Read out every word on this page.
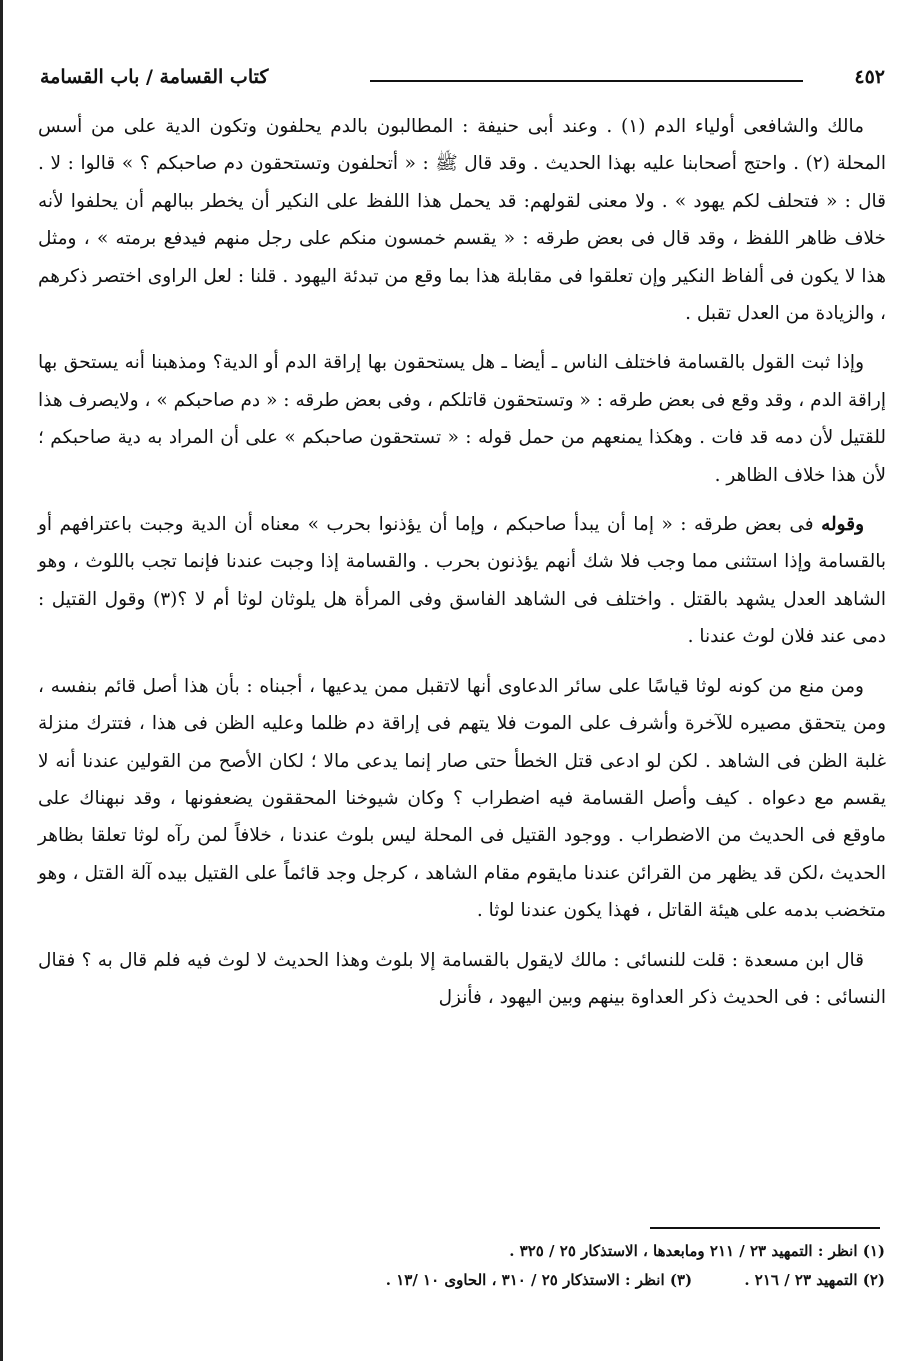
٤٥٢
كتاب القسامة / باب القسامة

مالك والشافعى أولياء الدم (١) . وعند أبى حنيفة : المطالبون بالدم يحلفون وتكون الدية على من أسس المحلة (٢) . واحتج أصحابنا عليه بهذا الحديث . وقد قال ﷺ : « أتحلفون وتستحقون دم صاحبكم ؟ » قالوا : لا . قال : « فتحلف لكم يهود » . ولا معنى لقولهم: قد يحمل هذا اللفظ على النكير أن يخطر ببالهم أن يحلفوا لأنه خلاف ظاهر اللفظ ، وقد قال فى بعض طرقه : « يقسم خمسون منكم على رجل منهم فيدفع برمته » ، ومثل هذا لا يكون فى ألفاظ النكير وإن تعلقوا فى مقابلة هذا بما وقع من تبدئة اليهود . قلنا : لعل الراوى اختصر ذكرهم ، والزيادة من العدل تقبل .

وإذا ثبت القول بالقسامة فاختلف الناس ـ أيضا ـ هل يستحقون بها إراقة الدم أو الدية؟ ومذهبنا أنه يستحق بها إراقة الدم ، وقد وقع فى بعض طرقه : « وتستحقون قاتلكم ، وفى بعض طرقه : « دم صاحبكم » ، ولايصرف هذا للقتيل لأن دمه قد فات . وهكذا يمنعهم من حمل قوله : « تستحقون صاحبكم » على أن المراد به دية صاحبكم ؛ لأن هذا خلاف الظاهر .

وقوله فى بعض طرقه : « إما أن يبدأ صاحبكم ، وإما أن يؤذنوا بحرب » معناه أن الدية وجبت باعترافهم أو بالقسامة وإذا استثنى مما وجب فلا شك أنهم يؤذنون بحرب . والقسامة إذا وجبت عندنا فإنما تجب باللوث ، وهو الشاهد العدل يشهد بالقتل . واختلف فى الشاهد الفاسق وفى المرأة هل يلوثان لوثا أم لا ؟(٣) وقول القتيل : دمى عند فلان لوث عندنا .

ومن منع من كونه لوثا قياسًا على سائر الدعاوى أنها لاتقبل ممن يدعيها ، أجبناه : بأن هذا أصل قائم بنفسه ، ومن يتحقق مصيره للآخرة وأشرف على الموت فلا يتهم فى إراقة دم ظلما وعليه الظن فى هذا ، فتترك منزلة غلبة الظن فى الشاهد . لكن لو ادعى قتل الخطأ حتى صار إنما يدعى مالا ؛ لكان الأصح من القولين عندنا أنه لا يقسم مع دعواه . كيف وأصل القسامة فيه اضطراب ؟ وكان شيوخنا المحققون يضعفونها ، وقد نبهناك على ماوقع فى الحديث من الاضطراب . ووجود القتيل فى المحلة ليس بلوث عندنا ، خلافاً لمن رآه لوثا تعلقا بظاهر الحديث ،لكن قد يظهر من القرائن عندنا مايقوم مقام الشاهد ، كرجل وجد قائماً على القتيل بيده آلة القتل ، وهو متخضب بدمه على هيئة القاتل ، فهذا يكون عندنا لوثا .

قال ابن مسعدة : قلت للنسائى : مالك لايقول بالقسامة إلا بلوث وهذا الحديث لا لوث فيه فلم قال به ؟ فقال النسائى : فى الحديث ذكر العداوة بينهم وبين اليهود ، فأنزل

(١) انظر : التمهيد ٢٣ / ٢١١ ومابعدها ، الاستذكار ٢٥ / ٣٢٥ .

(٢) التمهيد ٢٣ / ٢١٦ .          (٣) انظر : الاستذكار ٢٥ / ٣١٠ ، الحاوى ١٠ /١٣ .
